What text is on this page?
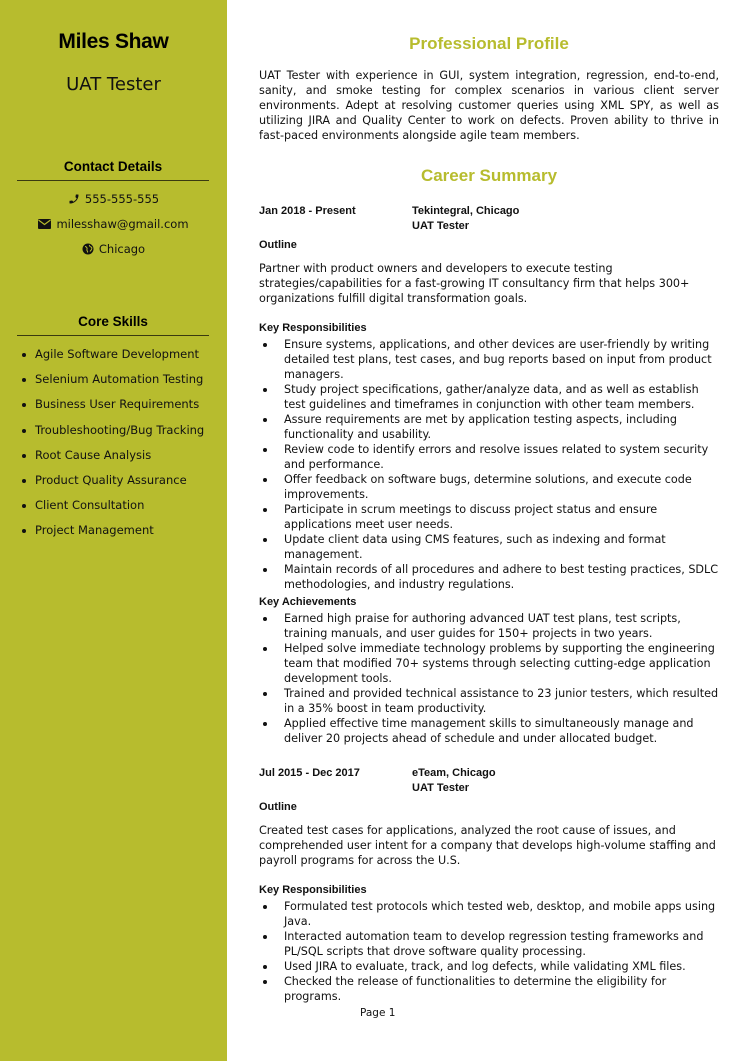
Miles Shaw
UAT Tester
Contact Details
555-555-555
milesshaw@gmail.com
Chicago
Core Skills
Agile Software Development
Selenium Automation Testing
Business User Requirements
Troubleshooting/Bug Tracking
Root Cause Analysis
Product Quality Assurance
Client Consultation
Project Management
Professional Profile
UAT Tester with experience in GUI, system integration, regression, end-to-end, sanity, and smoke testing for complex scenarios in various client server environments. Adept at resolving customer queries using XML SPY, as well as utilizing JIRA and Quality Center to work on defects. Proven ability to thrive in fast-paced environments alongside agile team members.
Career Summary
Jan 2018 - Present	Tekintegral, Chicago
UAT Tester
Outline
Partner with product owners and developers to execute testing strategies/capabilities for a fast-growing IT consultancy firm that helps 300+ organizations fulfill digital transformation goals.
Key Responsibilities
Ensure systems, applications, and other devices are user-friendly by writing detailed test plans, test cases, and bug reports based on input from product managers.
Study project specifications, gather/analyze data, and as well as establish test guidelines and timeframes in conjunction with other team members.
Assure requirements are met by application testing aspects, including functionality and usability.
Review code to identify errors and resolve issues related to system security and performance.
Offer feedback on software bugs, determine solutions, and execute code improvements.
Participate in scrum meetings to discuss project status and ensure applications meet user needs.
Update client data using CMS features, such as indexing and format management.
Maintain records of all procedures and adhere to best testing practices, SDLC methodologies, and industry regulations.
Key Achievements
Earned high praise for authoring advanced UAT test plans, test scripts, training manuals, and user guides for 150+ projects in two years.
Helped solve immediate technology problems by supporting the engineering team that modified 70+ systems through selecting cutting-edge application development tools.
Trained and provided technical assistance to 23 junior testers, which resulted in a 35% boost in team productivity.
Applied effective time management skills to simultaneously manage and deliver 20 projects ahead of schedule and under allocated budget.
Jul 2015 - Dec 2017	eTeam, Chicago
UAT Tester
Outline
Created test cases for applications, analyzed the root cause of issues, and comprehended user intent for a company that develops high-volume staffing and payroll programs for across the U.S.
Key Responsibilities
Formulated test protocols which tested web, desktop, and mobile apps using Java.
Interacted automation team to develop regression testing frameworks and PL/SQL scripts that drove software quality processing.
Used JIRA to evaluate, track, and log defects, while validating XML files.
Checked the release of functionalities to determine the eligibility for programs.
Page 1
